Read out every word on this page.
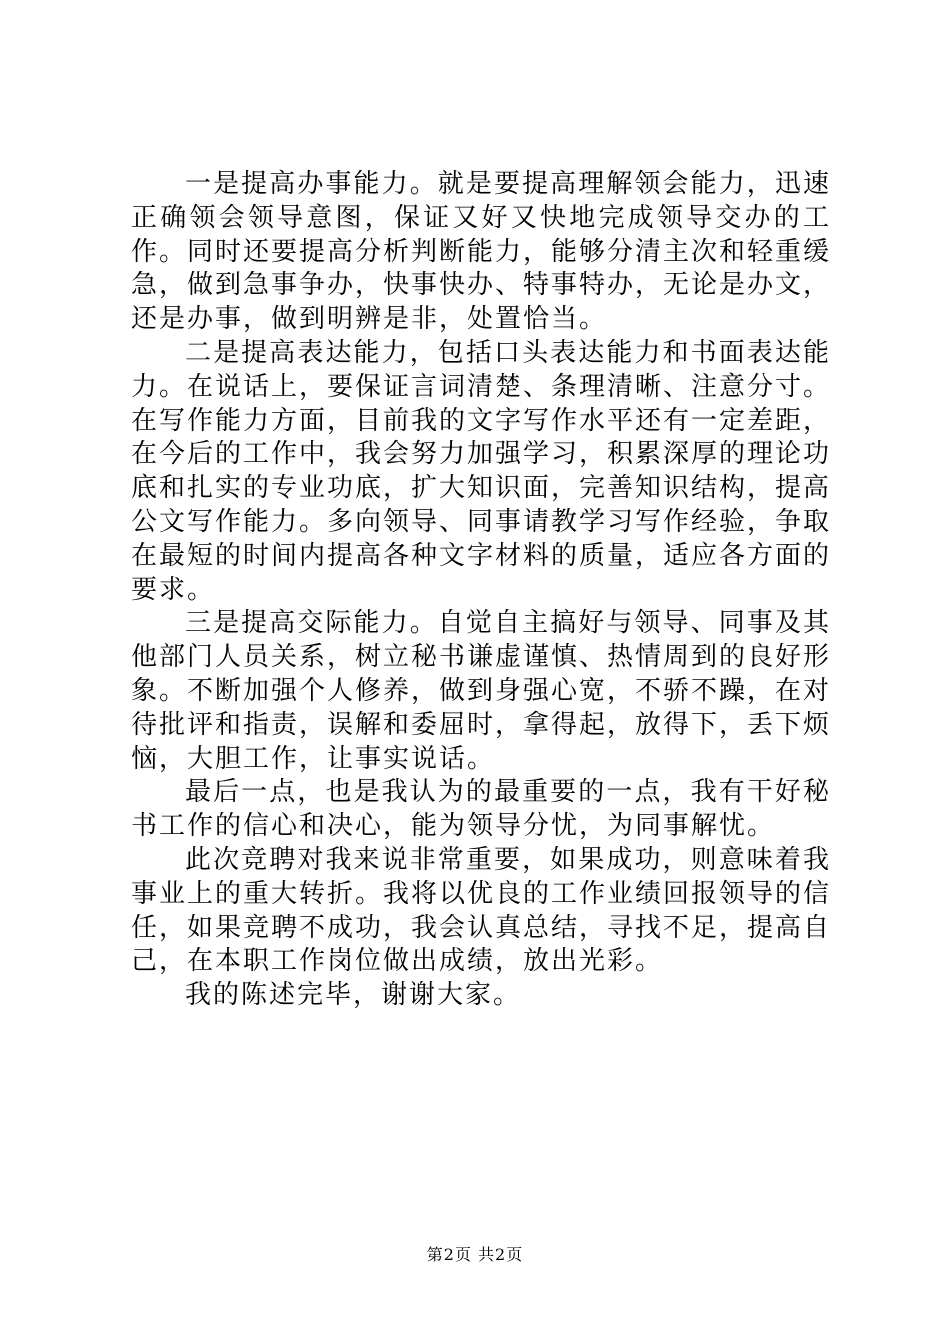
一是提高办事能力。就是要提高理解领会能力，迅速正确领会领导意图，保证又好又快地完成领导交办的工作。同时还要提高分析判断能力，能够分清主次和轻重缓急，做到急事争办，快事快办、特事特办，无论是办文，还是办事，做到明辨是非，处置恰当。

二是提高表达能力，包括口头表达能力和书面表达能力。在说话上，要保证言词清楚、条理清晰、注意分寸。在写作能力方面，目前我的文字写作水平还有一定差距，在今后的工作中，我会努力加强学习，积累深厚的理论功底和扎实的专业功底，扩大知识面，完善知识结构，提高公文写作能力。多向领导、同事请教学习写作经验，争取在最短的时间内提高各种文字材料的质量，适应各方面的要求。

三是提高交际能力。自觉自主搞好与领导、同事及其他部门人员关系，树立秘书谦虚谨慎、热情周到的良好形象。不断加强个人修养，做到身强心宽，不骄不躁，在对待批评和指责，误解和委屈时，拿得起，放得下，丢下烦恼，大胆工作，让事实说话。

最后一点，也是我认为的最重要的一点，我有干好秘书工作的信心和决心，能为领导分忧，为同事解忧。

此次竞聘对我来说非常重要，如果成功，则意味着我事业上的重大转折。我将以优良的工作业绩回报领导的信任，如果竞聘不成功，我会认真总结，寻找不足，提高自己，在本职工作岗位做出成绩，放出光彩。

我的陈述完毕，谢谢大家。

第2页 共2页
